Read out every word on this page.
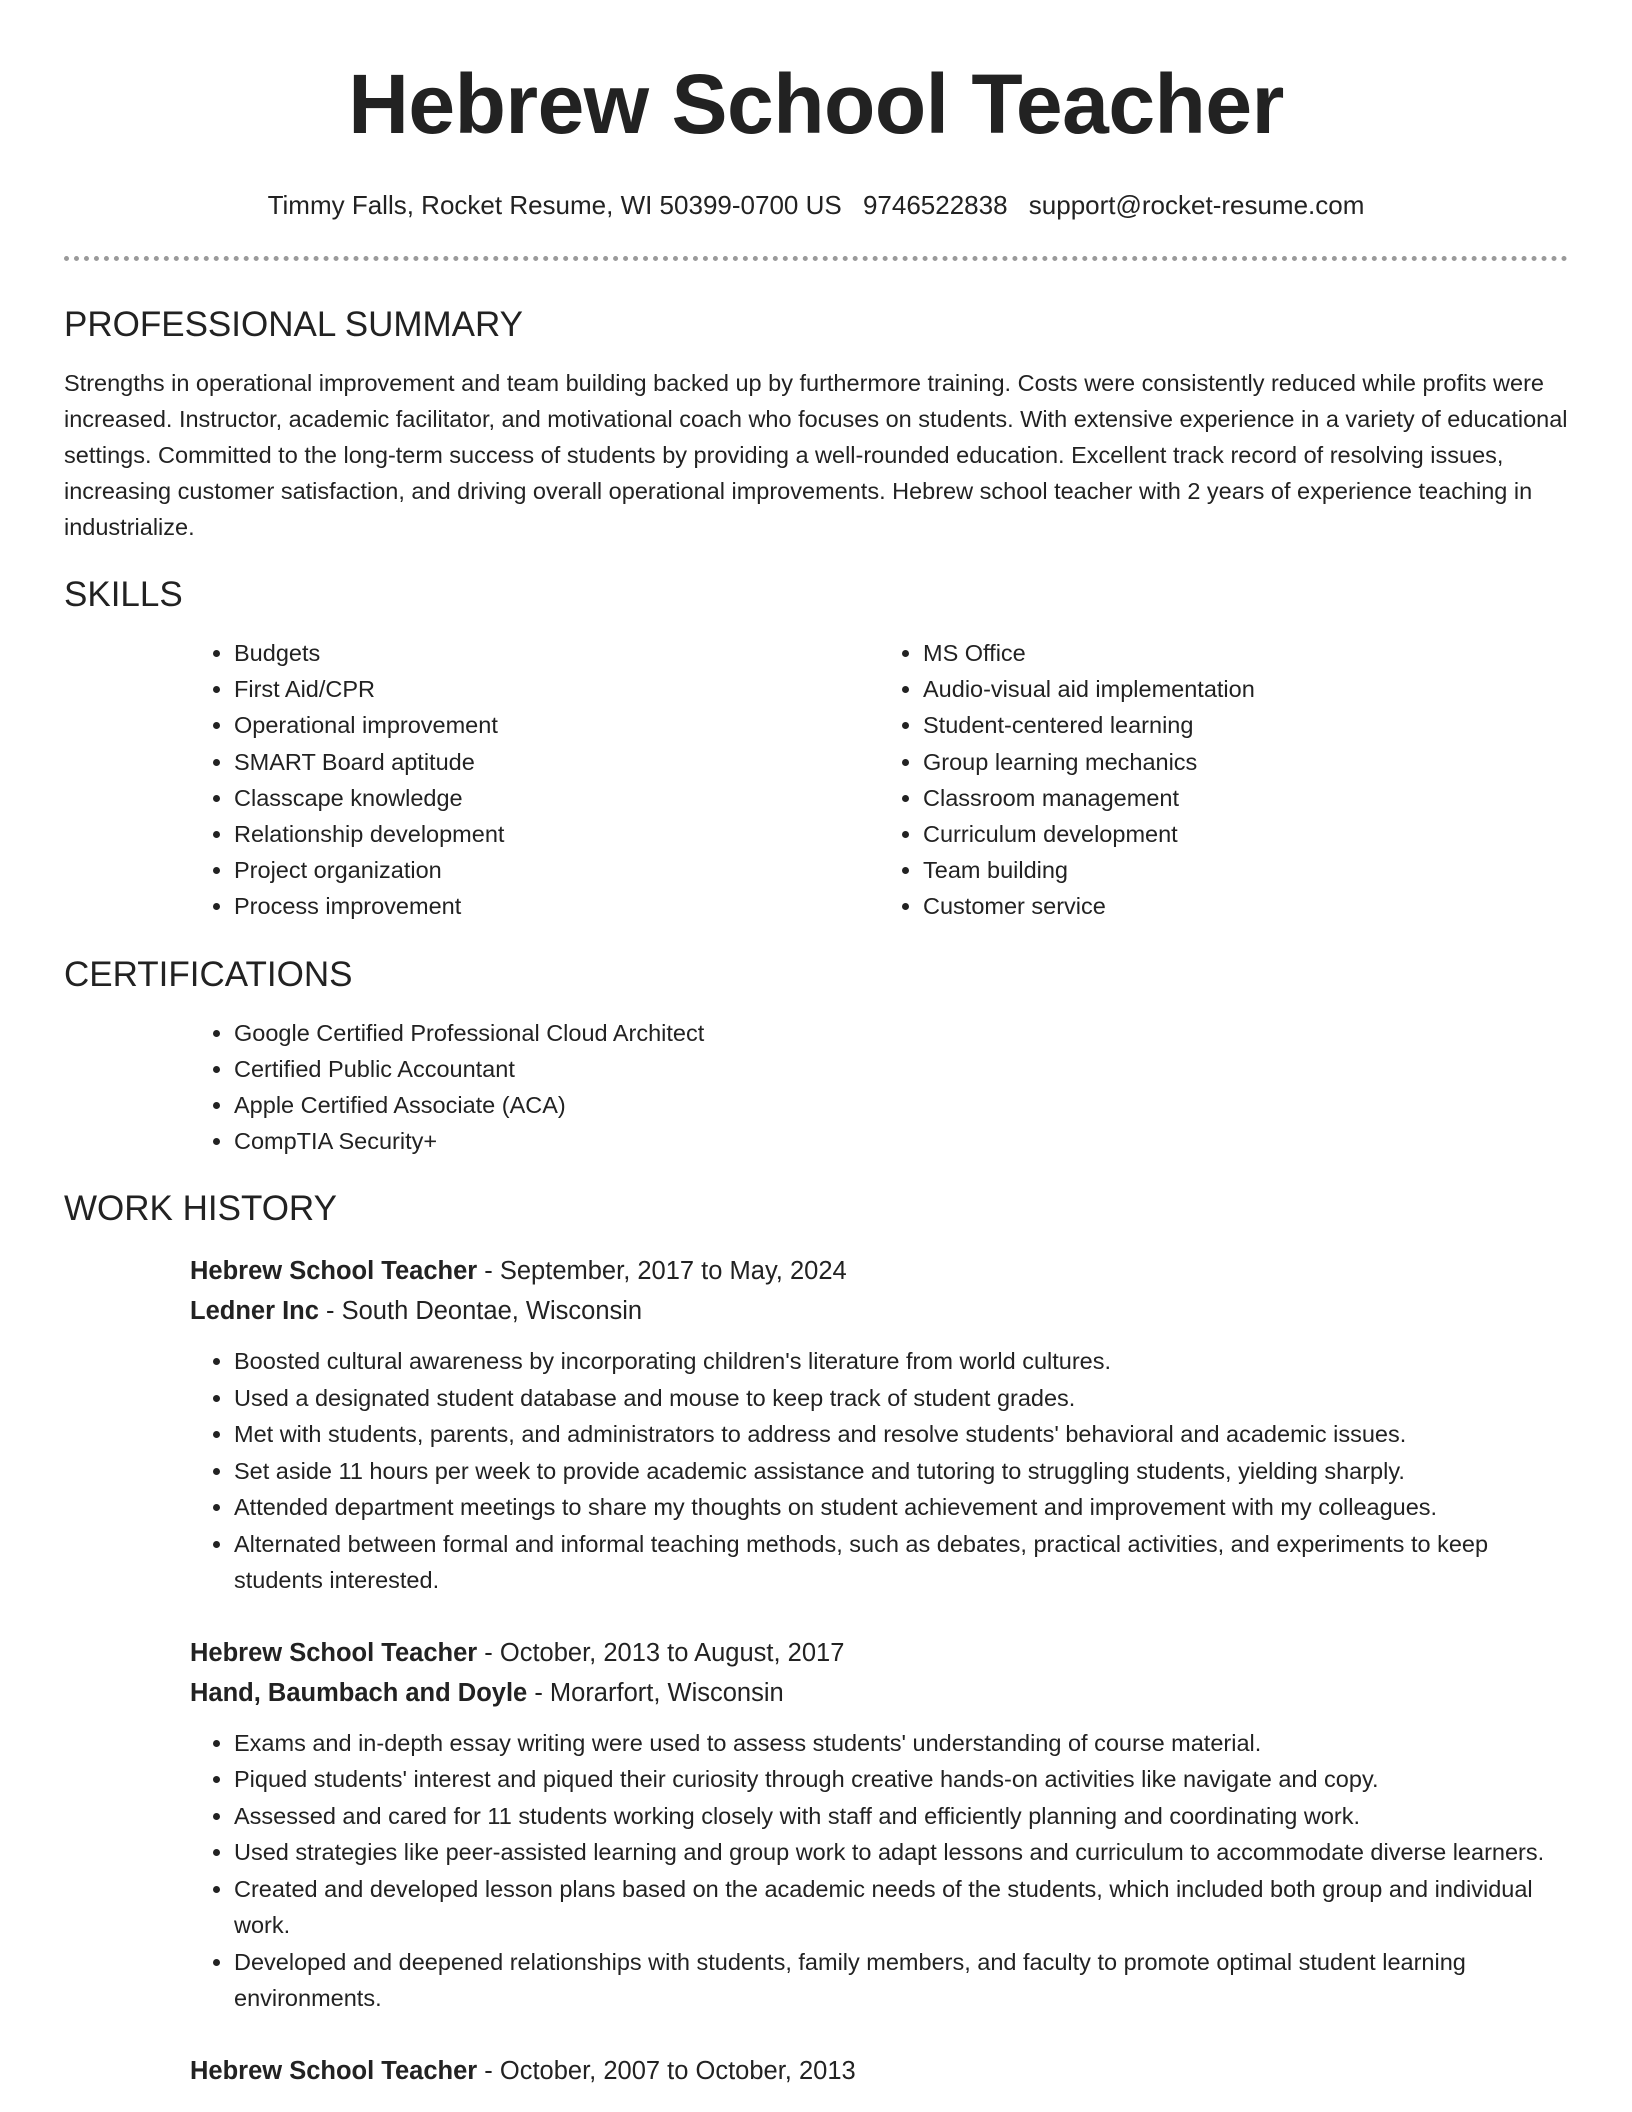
Hebrew School Teacher
Timmy Falls, Rocket Resume, WI 50399-0700 US 9746522838 support@rocket-resume.com
PROFESSIONAL SUMMARY

Strengths in operational improvement and team building backed up by furthermore training. Costs were consistently reduced while profits were increased. Instructor, academic facilitator, and motivational coach who focuses on students. With extensive experience in a variety of educational settings. Committed to the long-term success of students by providing a well-rounded education. Excellent track record of resolving issues, increasing customer satisfaction, and driving overall operational improvements. Hebrew school teacher with 2 years of experience teaching in industrialize.

SKILLS
• Budgets
• First Aid/CPR
• Operational improvement
• SMART Board aptitude
• Classcape knowledge
• Relationship development
• Project organization
• Process improvement
• MS Office
• Audio-visual aid implementation
• Student-centered learning
• Group learning mechanics
• Classroom management
• Curriculum development
• Team building
• Customer service
CERTIFICATIONS
• Google Certified Professional Cloud Architect
• Certified Public Accountant
• Apple Certified Associate (ACA)
• CompTIA Security+
WORK HISTORY
Hebrew School Teacher - September, 2017 to May, 2024
Ledner Inc - South Deontae, Wisconsin
• Boosted cultural awareness by incorporating children's literature from world cultures.
• Used a designated student database and mouse to keep track of student grades.
• Met with students, parents, and administrators to address and resolve students' behavioral and academic issues.
• Set aside 11 hours per week to provide academic assistance and tutoring to struggling students, yielding sharply.
• Attended department meetings to share my thoughts on student achievement and improvement with my colleagues.
• Alternated between formal and informal teaching methods, such as debates, practical activities, and experiments to keep students interested.
Hebrew School Teacher - October, 2013 to August, 2017
Hand, Baumbach and Doyle - Morarfort, Wisconsin
• Exams and in-depth essay writing were used to assess students' understanding of course material.
• Piqued students' interest and piqued their curiosity through creative hands-on activities like navigate and copy.
• Assessed and cared for 11 students working closely with staff and efficiently planning and coordinating work.
• Used strategies like peer-assisted learning and group work to adapt lessons and curriculum to accommodate diverse learners.
• Created and developed lesson plans based on the academic needs of the students, which included both group and individual work.
• Developed and deepened relationships with students, family members, and faculty to promote optimal student learning environments.
Hebrew School Teacher - October, 2007 to October, 2013
